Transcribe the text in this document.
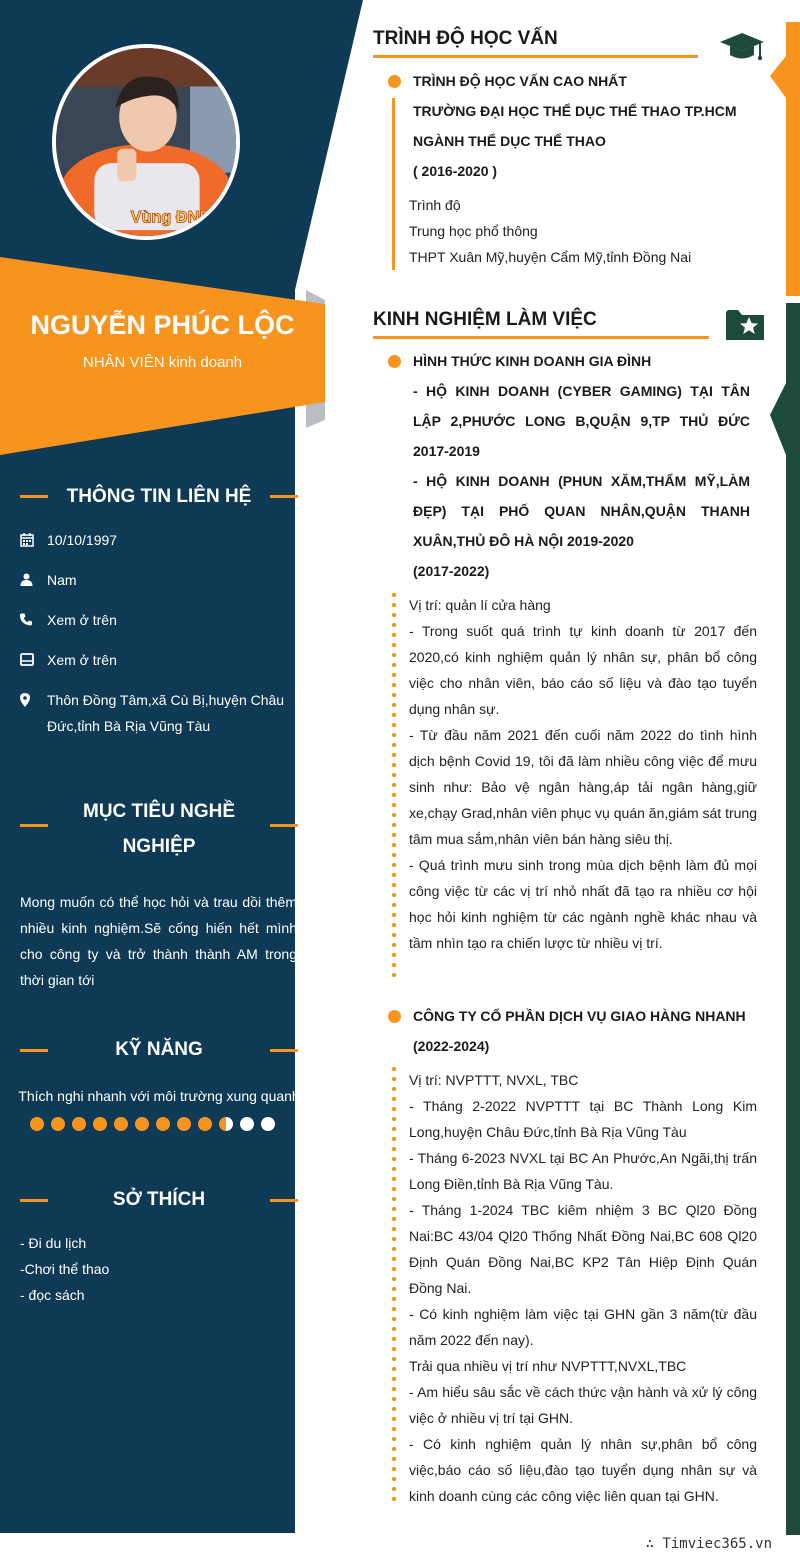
Vùng ĐNB
NGUYỄN PHÚC LỘC
NHÂN VIÊN kinh doanh
THÔNG TIN LIÊN HỆ
10/10/1997
Nam
Xem ở trên
Xem ở trên
Thôn Đồng Tâm,xã Cù Bị,huyện Châu Đức,tỉnh Bà Rịa Vũng Tàu
MỤC TIÊU NGHỀ
NGHIỆP
Mong muốn có thể học hỏi và trau dồi thêm nhiều kinh nghiệm.Sẽ cống hiến hết mình cho công ty và trở thành thành AM trong thời gian tới
KỸ NĂNG
Thích nghi nhanh với môi trường xung quanh
SỞ THÍCH
- Đi du lịch
-Chơi thể thao
- đọc sách
TRÌNH ĐỘ HỌC VẤN
TRÌNH ĐỘ HỌC VẤN CAO NHẤT
TRƯỜNG ĐẠI HỌC THỂ DỤC THỂ THAO TP.HCM
NGÀNH THỂ DỤC THỂ THAO
( 2016-2020 )
Trình độ
Trung học phổ thông
THPT Xuân Mỹ,huyện Cẩm Mỹ,tỉnh Đồng Nai
KINH NGHIỆM LÀM VIỆC
HÌNH THỨC KINH DOANH GIA ĐÌNH
- HỘ KINH DOANH (CYBER GAMING) TẠI TÂN
LẬP 2,PHƯỚC LONG B,QUẬN 9,TP THỦ ĐỨC
2017-2019
- HỘ KINH DOANH (PHUN XĂM,THẨM MỸ,LÀM
ĐẸP) TẠI PHỐ QUAN NHÂN,QUẬN THANH
XUÂN,THỦ ĐÔ HÀ NỘI 2019-2020
(2017-2022)
Vị trí: quản lí cửa hàng
- Trong suốt quá trình tự kinh doanh từ 2017 đến 2020,có kinh nghiệm quản lý nhân sự, phân bổ công việc cho nhân viên, báo cáo số liệu và đào tạo tuyển dụng nhân sự.
- Từ đầu năm 2021 đến cuối năm 2022 do tình hình dịch bệnh Covid 19, tôi đã làm nhiều công việc để mưu sinh như: Bảo vệ ngân hàng,áp tải ngân hàng,giữ xe,chạy Grad,nhân viên phục vụ quán ăn,giám sát trung tâm mua sắm,nhân viên bán hàng siêu thị.
- Quá trình mưu sinh trong mùa dịch bệnh làm đủ mọi công việc từ các vị trí nhỏ nhất đã tạo ra nhiều cơ hội học hỏi kinh nghiệm từ các ngành nghề khác nhau và tầm nhìn tạo ra chiến lược từ nhiều vị trí.
CÔNG TY CỔ PHẦN DỊCH VỤ GIAO HÀNG NHANH
(2022-2024)
Vị trí: NVPTTT, NVXL, TBC
- Tháng 2-2022 NVPTTT tại BC Thành Long Kim Long,huyện Châu Đức,tỉnh Bà Rịa Vũng Tàu
- Tháng 6-2023 NVXL tại BC An Phước,An Ngãi,thị trấn Long Điền,tỉnh Bà Rịa Vũng Tàu.
- Tháng 1-2024 TBC kiêm nhiệm 3 BC Ql20 Đồng Nai:BC 43/04 Ql20 Thống Nhất Đồng Nai,BC 608 Ql20 Định Quán Đồng Nai,BC KP2 Tân Hiệp Định Quán Đồng Nai.
- Có kinh nghiệm làm việc tại GHN gần 3 năm(từ đầu năm 2022 đến nay).
Trải qua nhiều vị trí như NVPTTT,NVXL,TBC
- Am hiểu sâu sắc về cách thức vận hành và xử lý công việc ở nhiều vị trí tại GHN.
- Có kinh nghiệm quản lý nhân sự,phân bổ công việc,báo cáo số liệu,đào tạo tuyển dụng nhân sự và kinh doanh cùng các công việc liên quan tại GHN.
∴ Timviec365.vn
